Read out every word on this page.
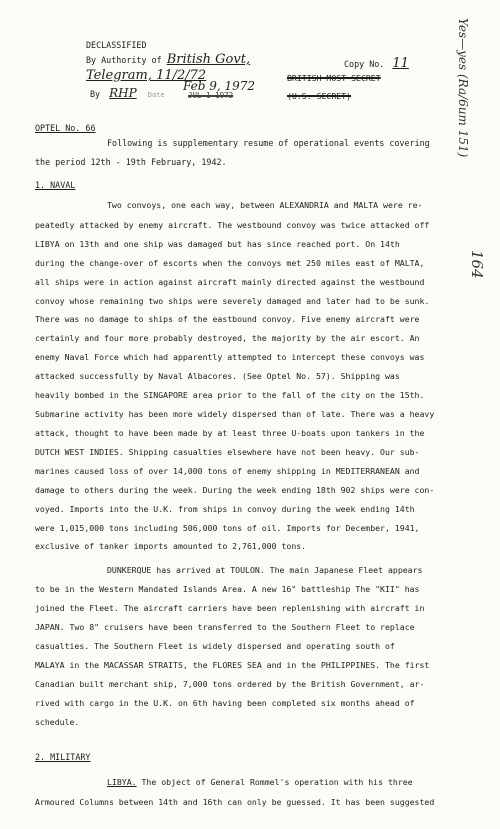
DECLASSIFIED
By Authority of British Govt,
Telegram, 11/2/72
By RHP Date
Feb 9, 1972
JUL 1 1972
Copy No. 11
BRITISH MOST SECRET
(U.S. SECRET)	Yes—yes (Ra/6um 151)
164
OPTEL No. 66
Following is supplementary resume of operational events covering
the period 12th - 19th February, 1942.
1. NAVAL
Two convoys, one each way, between ALEXANDRIA and MALTA were re-
peatedly attacked by enemy aircraft. The westbound convoy was twice attacked off
LIBYA on 13th and one ship was damaged but has since reached port. On 14th
during the change-over of escorts when the convoys met 250 miles east of MALTA,
all ships were in action against aircraft mainly directed against the westbound
convoy whose remaining two ships were severely damaged and later had to be sunk.
There was no damage to ships of the eastbound convoy. Five enemy aircraft were
certainly and four more probably destroyed, the majority by the air escort. An
enemy Naval Force which had apparently attempted to intercept these convoys was
attacked successfully by Naval Albacores. (See Optel No. 57). Shipping was
heavily bombed in the SINGAPORE area prior to the fall of the city on the 15th.
Submarine activity has been more widely dispersed than of late. There was a heavy
attack, thought to have been made by at least three U-boats upon tankers in the
DUTCH WEST INDIES. Shipping casualties elsewhere have not been heavy. Our sub-
marines caused loss of over 14,000 tons of enemy shipping in MEDITERRANEAN and
damage to others during the week. During the week ending 18th 902 ships were con-
voyed. Imports into the U.K. from ships in convoy during the week ending 14th
were 1,015,000 tons including 506,000 tons of oil. Imports for December, 1941,
exclusive of tanker imports amounted to 2,761,000 tons.
DUNKERQUE has arrived at TOULON. The main Japanese Fleet appears
to be in the Western Mandated Islands Area. A new 16" battleship The "KII" has
joined the Fleet. The aircraft carriers have been replenishing with aircraft in
JAPAN. Two 8" cruisers have been transferred to the Southern Fleet to replace
casualties. The Southern Fleet is widely dispersed and operating south of
MALAYA in the MACASSAR STRAITS, the FLORES SEA and in the PHILIPPINES. The first
Canadian built merchant ship, 7,000 tons ordered by the British Government, ar-
rived with cargo in the U.K. on 6th having been completed six months ahead of
schedule.
2. MILITARY
LIBYA. The object of General Rommel's operation with his three
Armoured Columns between 14th and 16th can only be guessed. It has been suggested
